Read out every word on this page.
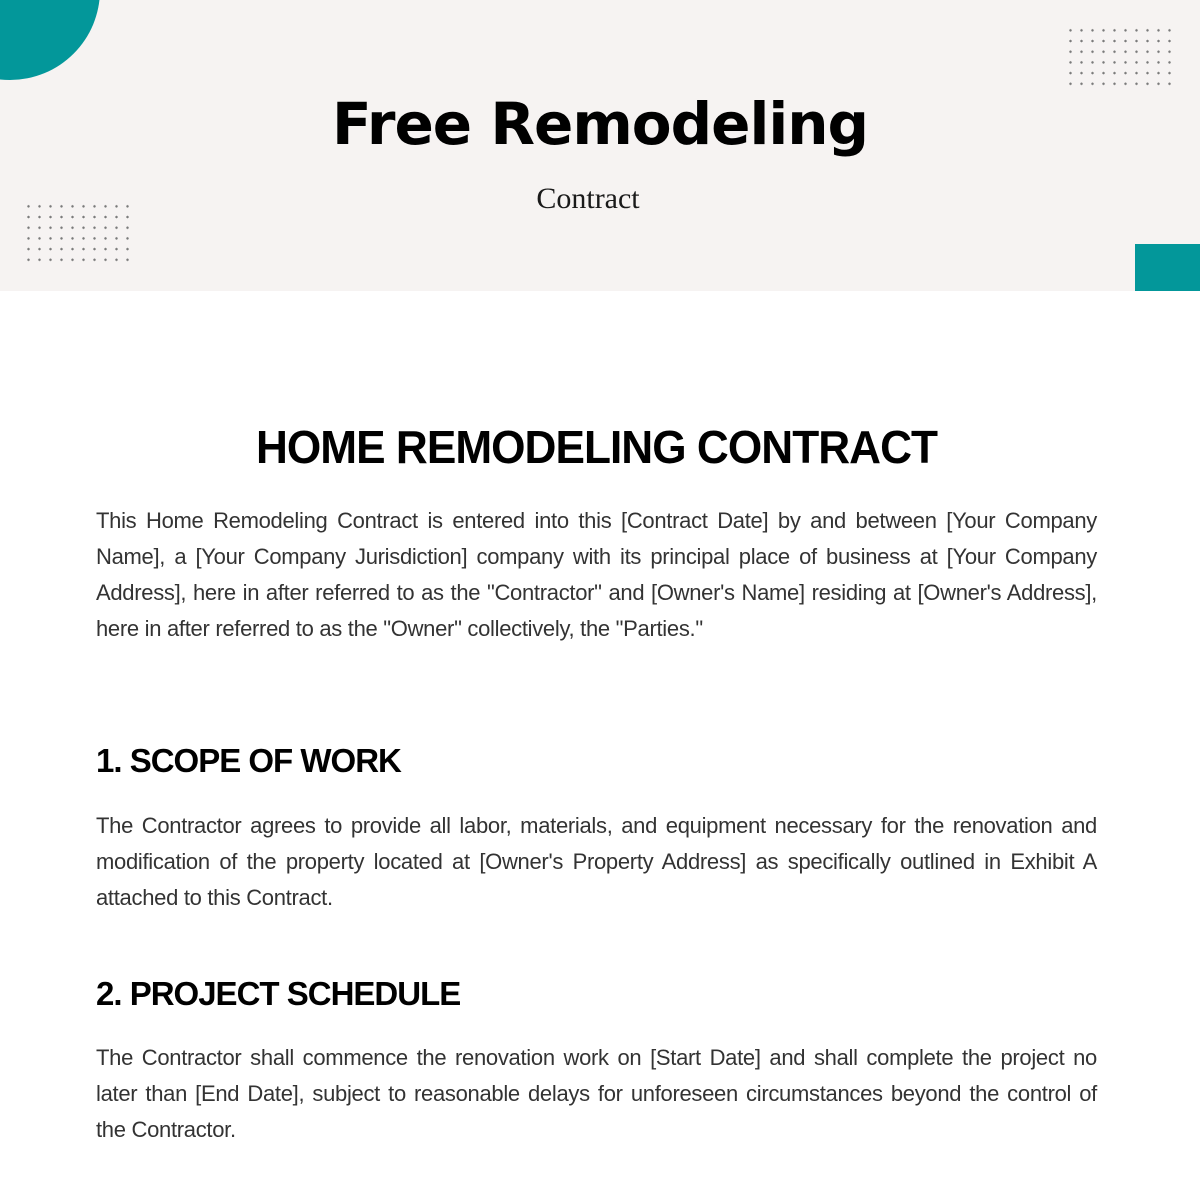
Free Remodeling
Contract
HOME REMODELING CONTRACT

This Home Remodeling Contract is entered into this [Contract Date] by and between [Your Company Name], a [Your Company Jurisdiction] company with its principal place of business at [Your Company Address], here in after referred to as the "Contractor" and [Owner's Name] residing at [Owner's Address], here in after referred to as the "Owner" collectively, the "Parties."

1. SCOPE OF WORK

The Contractor agrees to provide all labor, materials, and equipment necessary for the renovation and modification of the property located at [Owner's Property Address] as specifically outlined in Exhibit A attached to this Contract.

2. PROJECT SCHEDULE

The Contractor shall commence the renovation work on [Start Date] and shall complete the project no later than [End Date], subject to reasonable delays for unforeseen circumstances beyond the control of the Contractor.
